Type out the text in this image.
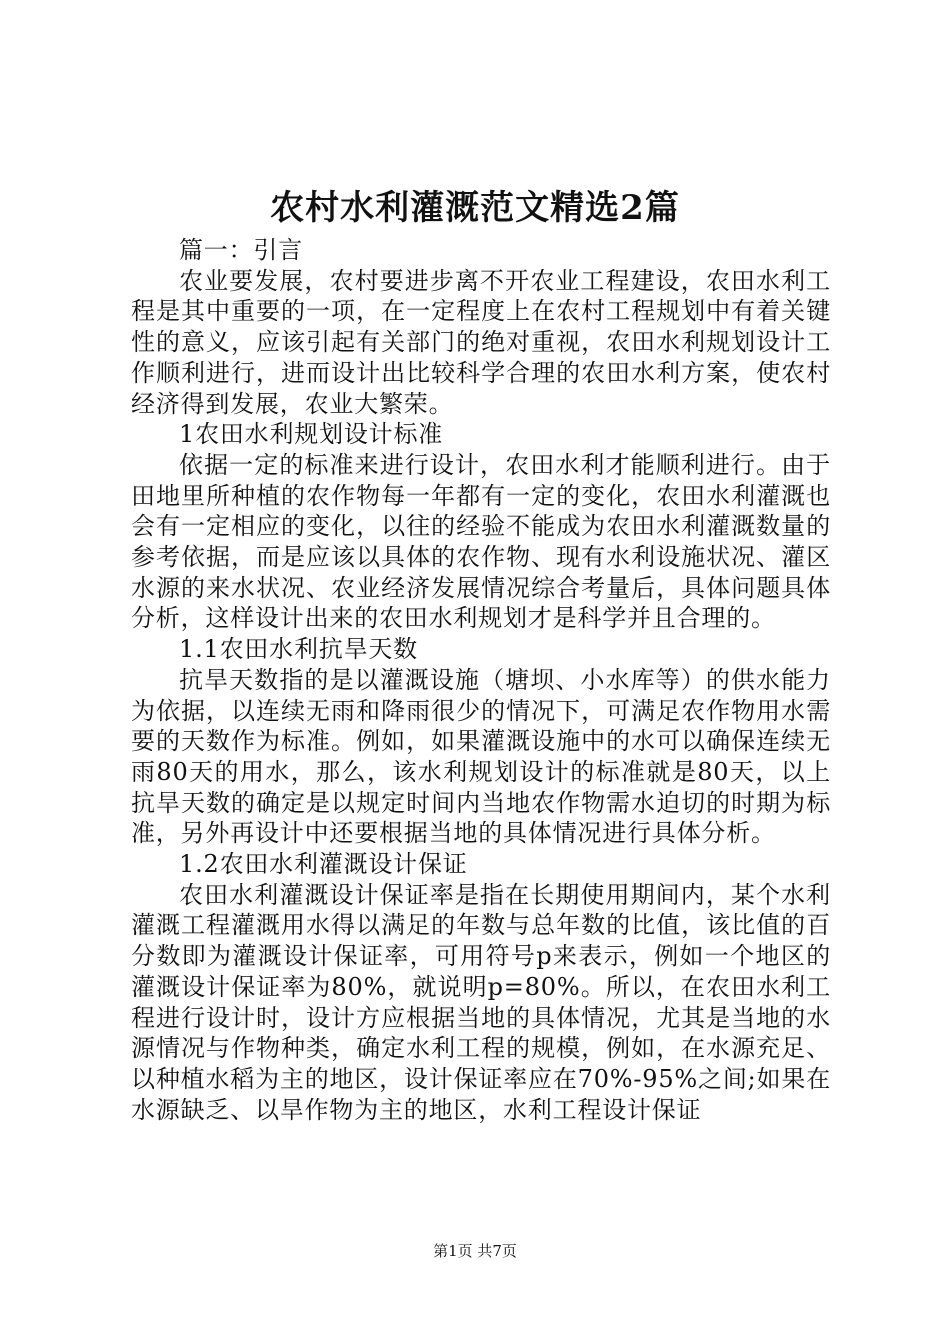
农村水利灌溉范文精选2篇

篇一：引言

农业要发展，农村要进步离不开农业工程建设，农田水利工程是其中重要的一项，在一定程度上在农村工程规划中有着关键性的意义，应该引起有关部门的绝对重视，农田水利规划设计工作顺利进行，进而设计出比较科学合理的农田水利方案，使农村经济得到发展，农业大繁荣。

1农田水利规划设计标准

依据一定的标准来进行设计，农田水利才能顺利进行。由于田地里所种植的农作物每一年都有一定的变化，农田水利灌溉也会有一定相应的变化，以往的经验不能成为农田水利灌溉数量的参考依据，而是应该以具体的农作物、现有水利设施状况、灌区水源的来水状况、农业经济发展情况综合考量后，具体问题具体分析，这样设计出来的农田水利规划才是科学并且合理的。

1.1农田水利抗旱天数

抗旱天数指的是以灌溉设施（塘坝、小水库等）的供水能力为依据，以连续无雨和降雨很少的情况下，可满足农作物用水需要的天数作为标准。例如，如果灌溉设施中的水可以确保连续无雨80天的用水，那么，该水利规划设计的标准就是80天，以上抗旱天数的确定是以规定时间内当地农作物需水迫切的时期为标准，另外再设计中还要根据当地的具体情况进行具体分析。

1.2农田水利灌溉设计保证

农田水利灌溉设计保证率是指在长期使用期间内，某个水利灌溉工程灌溉用水得以满足的年数与总年数的比值，该比值的百分数即为灌溉设计保证率，可用符号p来表示，例如一个地区的灌溉设计保证率为80%，就说明p=80%。所以，在农田水利工程进行设计时，设计方应根据当地的具体情况，尤其是当地的水源情况与作物种类，确定水利工程的规模，例如，在水源充足、以种植水稻为主的地区，设计保证率应在70%-95%之间;如果在水源缺乏、以旱作物为主的地区，水利工程设计保证

第1页 共7页
